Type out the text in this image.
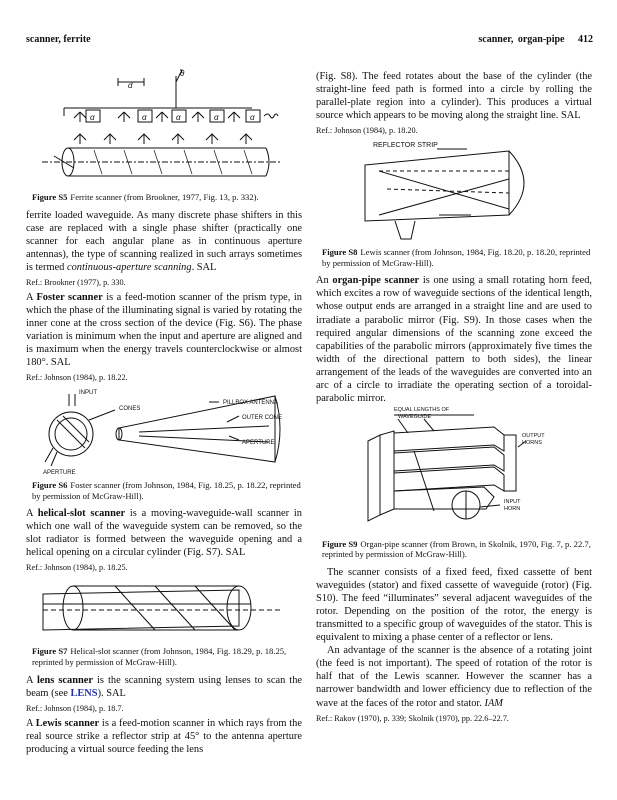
scanner, ferrite	scanner, organ-pipe 412
θ
d
α	α	α	α	α
Figure S5 Ferrite scanner (from Brookner, 1977, Fig. 13, p. 332).

ferrite loaded waveguide. As many discrete phase shifters in this case are replaced with a single phase shifter (practically one scanner for each angular plane as in continuous aperture antennas), the type of scanning realized in such arrays sometimes is termed continuous-aperture scanning. SAL

Ref.: Brookner (1977), p. 330.

A Foster scanner is a feed-motion scanner of the prism type, in which the phase of the illuminating signal is varied by rotating the inner cone at the cross section of the device (Fig. S6). The phase variation is minimum when the input and aperture are aligned and is maximum when the energy travels counterclockwise or almost 180°. SAL

Ref.: Johnson (1984), p. 18.22.
INPUT
CONES
PILLBOX ANTENNA
OUTER CONE
APERTURE
APERTURE
Figure S6 Foster scanner (from Johnson, 1984, Fig. 18.25, p. 18.22, reprinted by permission of McGraw-Hill).

A helical-slot scanner is a moving-waveguide-wall scanner in which one wall of the waveguide system can be removed, so the slot radiator is formed between the waveguide opening and a helical opening on a circular cylinder (Fig. S7). SAL

Ref.: Johnson (1984), p. 18.25.
Figure S7 Helical-slot scanner (from Johnson, 1984, Fig. 18.29, p. 18.25, reprinted by permission of McGraw-Hill).

A lens scanner is the scanning system using lenses to scan the beam (see LENS). SAL

Ref.: Johnson (1984), p. 18.7.

A Lewis scanner is a feed-motion scanner in which rays from the real source strike a reflector strip at 45° to the antenna aperture producing a virtual source feeding the lens

(Fig. S8). The feed rotates about the base of the cylinder (the straight-line feed path is formed into a circle by rolling the parallel-plate region into a cylinder). This produces a virtual source which appears to be moving along the straight line. SAL

Ref.: Johnson (1984), p. 18.20.
REFLECTOR STRIP
Figure S8 Lewis scanner (from Johnson, 1984, Fig. 18.20, p. 18.20, reprinted by permission of McGraw-Hill).

An organ-pipe scanner is one using a small rotating horn feed, which excites a row of waveguide sections of the identical length, whose output ends are arranged in a straight line and are used to irradiate a parabolic mirror (Fig. S9). In those cases when the required angular dimensions of the scanning zone exceed the capabilities of the parabolic mirrors (approximately five times the width of the directional pattern to both sides), the linear arrangement of the leads of the waveguides are converted into an arc of a circle to irradiate the operating section of a toroidal-parabolic mirror.

EQUAL LENGTHS OF
WAVEGUIDE
OUTPUT
HORNS
INPUT
HORN
Figure S9 Organ-pipe scanner (from Brown, in Skolnik, 1970, Fig. 7, p. 22.7, reprinted by permission of McGraw-Hill).

The scanner consists of a fixed feed, fixed cassette of bent waveguides (stator) and fixed cassette of waveguide (rotor) (Fig. S10). The feed “illuminates” several adjacent waveguides of the rotor. Depending on the position of the rotor, the energy is transmitted to a specific group of waveguides of the stator. This is equivalent to mixing a phase center of a reflector or lens.

An advantage of the scanner is the absence of a rotating joint (the feed is not important). The speed of rotation of the rotor is half that of the Lewis scanner. However the scanner has a narrower bandwidth and lower efficiency due to reflection of the wave at the faces of the rotor and stator. IAM

Ref.: Rakov (1970), p. 339; Skolnik (1970), pp. 22.6–22.7.
